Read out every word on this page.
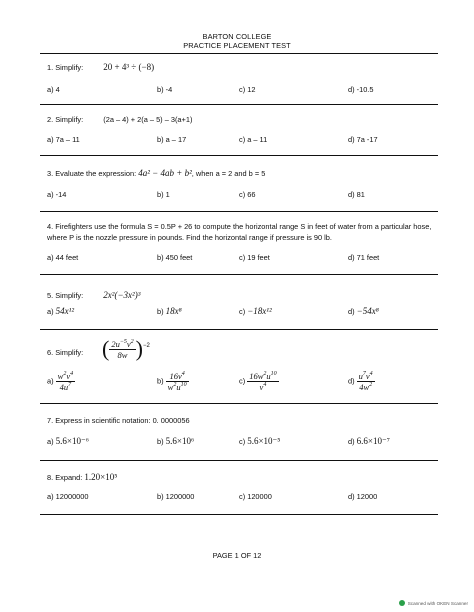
BARTON COLLEGE
PRACTICE PLACEMENT TEST
1. Simplify: 20 + 4³ ÷ (−8)
a) 4	b) -4	c) 12	d) -10.5
2. Simplify:	(2a – 4) + 2(a – 5) – 3(a+1)
a) 7a – 11	b) a – 17	c) a – 11	d) 7a -17
3. Evaluate the expression: 4a² − 4ab + b², when a = 2 and b = 5
a) -14	b) 1	c) 66	d) 81
4. Firefighters use the formula S = 0.5P + 26 to compute the horizontal range S in feet of water from a particular hose, where P is the nozzle pressure in pounds. Find the horizontal range if pressure is 90 lb.
a) 44 feet	b) 450 feet	c) 19 feet	d) 71 feet
5. Simplify: 2x²(−3x²)³
a) 54x¹²	b) 18x⁸	c) −18x¹²	d) −54x⁸
6. Simplify: ( $\frac{2u^{-5}v^2}{8w} )^{-2}$
$a) \frac{w^2v^4}{4u^7}$	$b) \frac{16v^4}{w^2u^{10}}$	$c) \frac{16w^2u^{10}}{v^4}$	$d) \frac{u^7v^4}{4w^2}$
7. Express in scientific notation: 0. 0000056
a) 5.6×10⁻⁶	b) 5.6×10⁶	c) 5.6×10⁻⁵	d) 6.6×10⁻⁷
8. Expand: 1.20×10⁵
a) 12000000	b) 1200000	c) 120000	d) 12000
PAGE 1 OF 12
Scanned with OKEN Scanner
